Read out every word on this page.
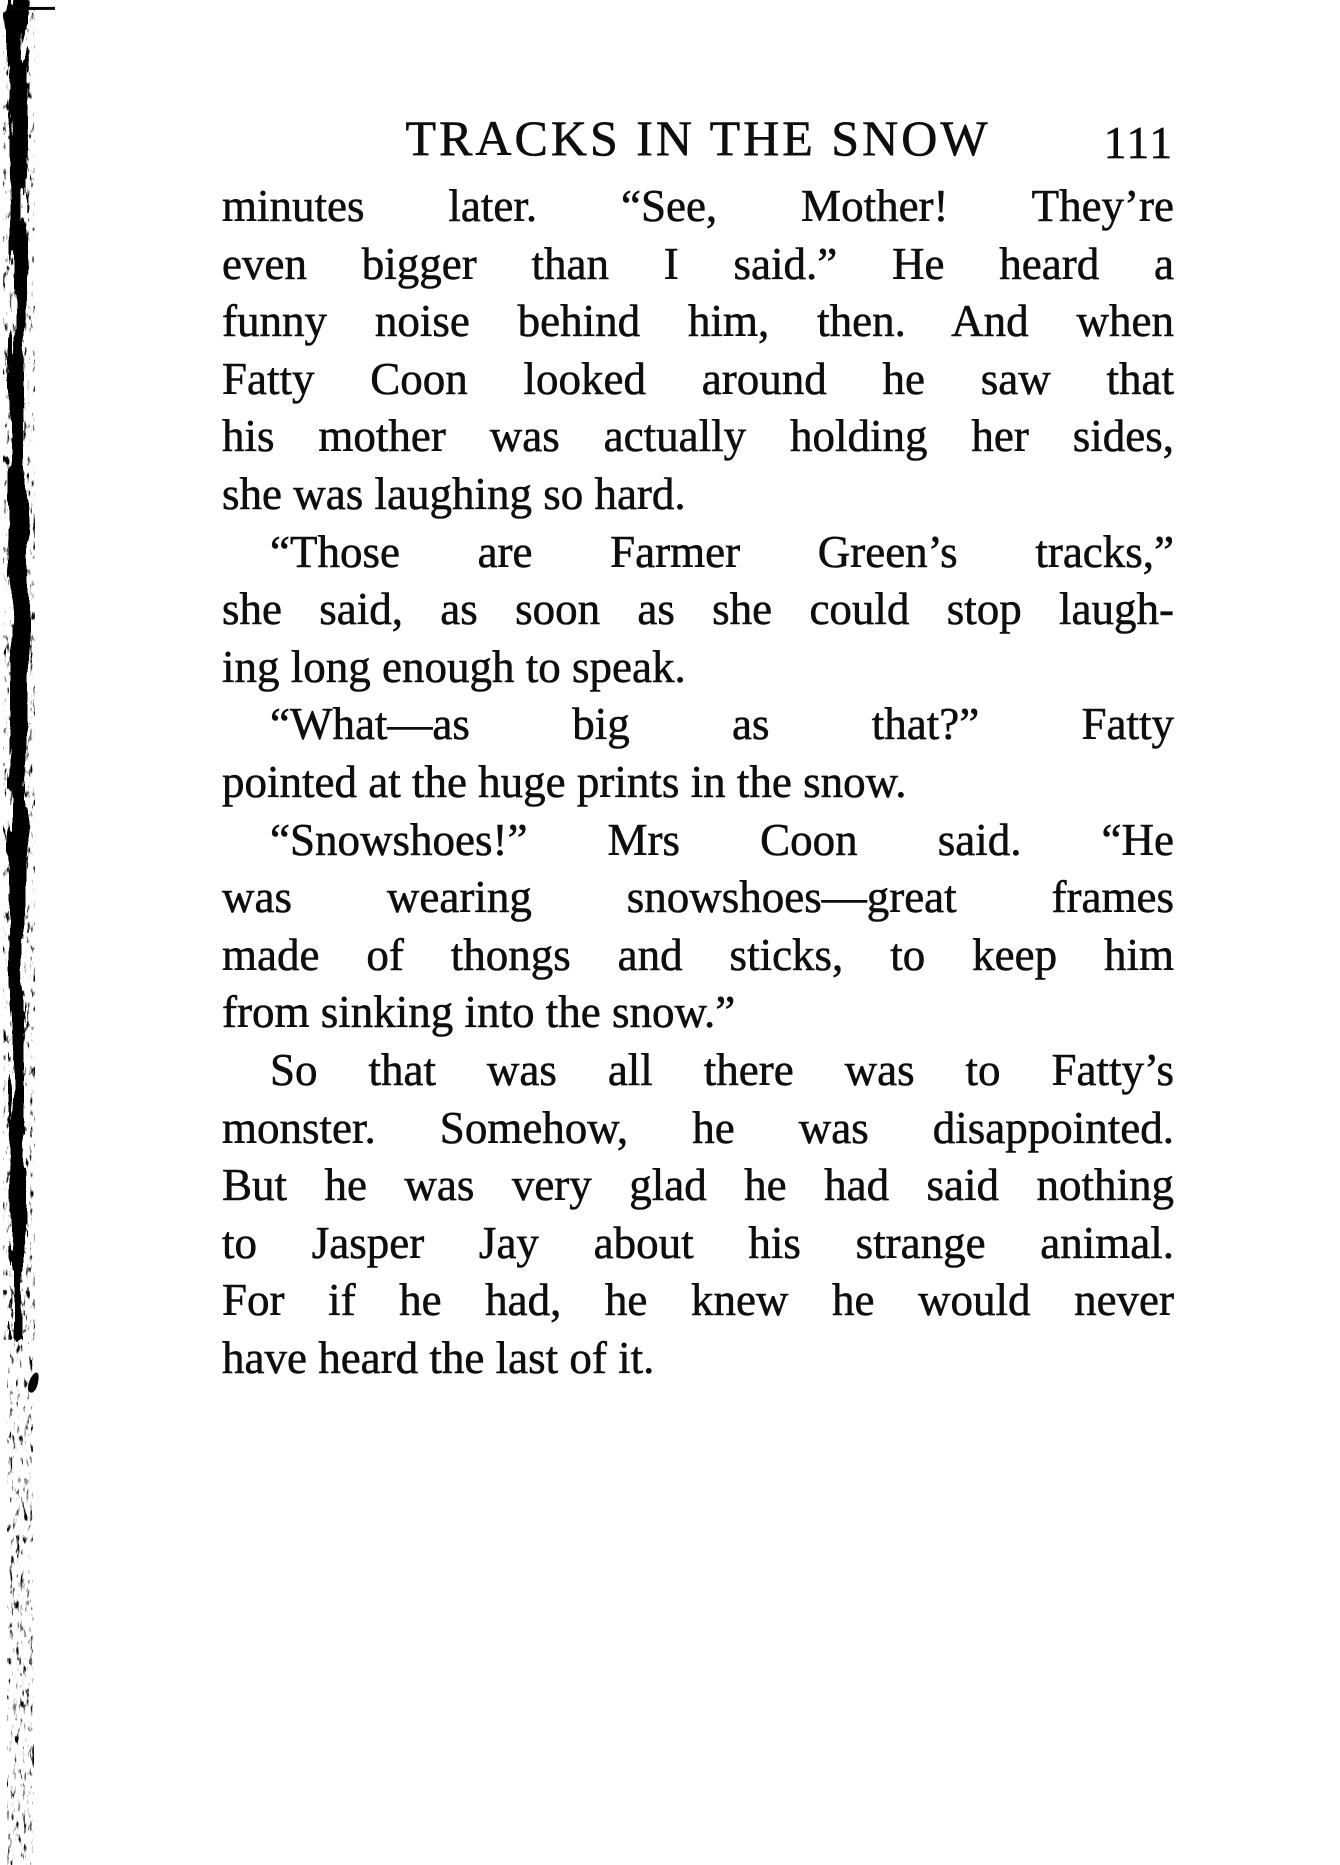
TRACKS IN THE SNOW	111
minutes later. “See, Mother! They’re
even bigger than I said.” He heard a
funny noise behind him, then. And when
Fatty Coon looked around he saw that
his mother was actually holding her sides,
she was laughing so hard.
“Those are Farmer Green’s tracks,”
she said, as soon as she could stop laugh-
ing long enough to speak.
“What—as big as that?” Fatty
pointed at the huge prints in the snow.
“Snowshoes!” Mrs Coon said. “He
was wearing snowshoes—great frames
made of thongs and sticks, to keep him
from sinking into the snow.”
So that was all there was to Fatty’s
monster. Somehow, he was disappointed.
But he was very glad he had said nothing
to Jasper Jay about his strange animal.
For if he had, he knew he would never
have heard the last of it.
